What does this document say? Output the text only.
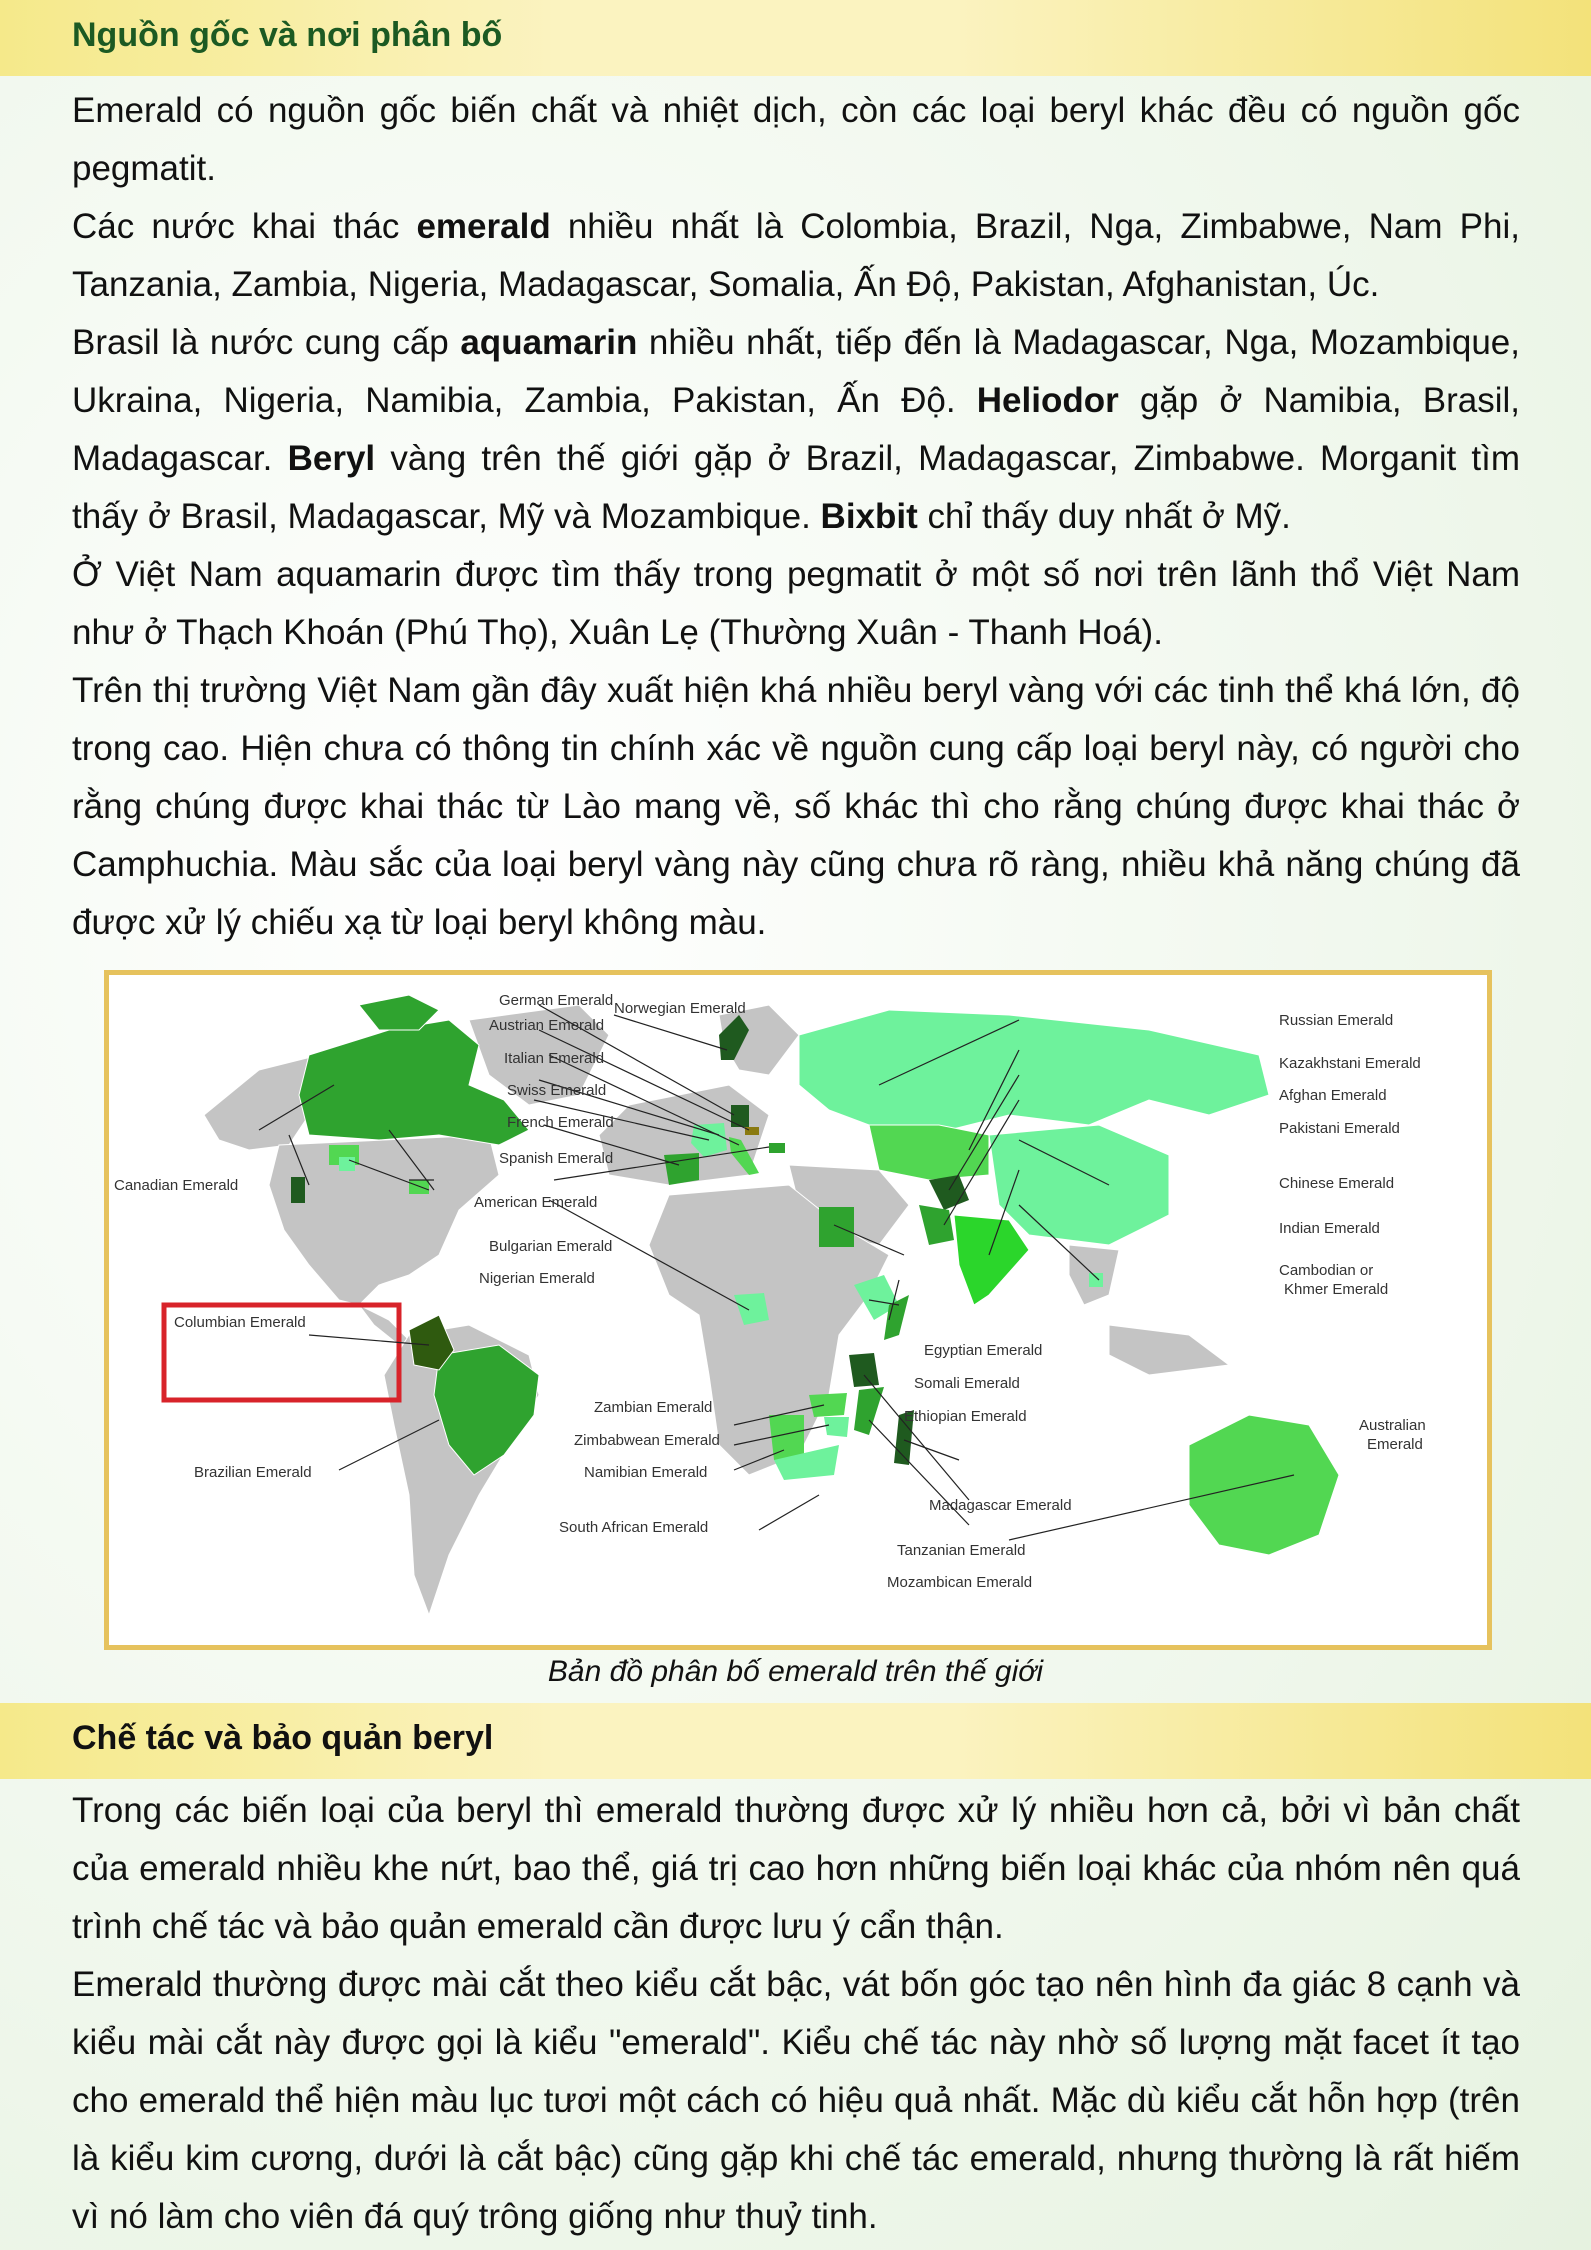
Nguồn gốc và nơi phân bố

Emerald có nguồn gốc biến chất và nhiệt dịch, còn các loại beryl khác đều có nguồn gốc pegmatit.

Các nước khai thác emerald nhiều nhất là Colombia, Brazil, Nga, Zimbabwe, Nam Phi, Tanzania, Zambia, Nigeria, Madagascar, Somalia, Ấn Độ, Pakistan, Afghanistan, Úc.

Brasil là nước cung cấp aquamarin nhiều nhất, tiếp đến là Madagascar, Nga, Mozambique, Ukraina, Nigeria, Namibia, Zambia, Pakistan, Ấn Độ. Heliodor gặp ở Namibia, Brasil, Madagascar. Beryl vàng trên thế giới gặp ở Brazil, Madagascar, Zimbabwe. Morganit tìm thấy ở Brasil, Madagascar, Mỹ và Mozambique. Bixbit chỉ thấy duy nhất ở Mỹ.

Ở Việt Nam aquamarin được tìm thấy trong pegmatit ở một số nơi trên lãnh thổ Việt Nam như ở Thạch Khoán (Phú Thọ), Xuân Lẹ (Thường Xuân - Thanh Hoá).

Trên thị trường Việt Nam gần đây xuất hiện khá nhiều beryl vàng với các tinh thể khá lớn, độ trong cao. Hiện chưa có thông tin chính xác về nguồn cung cấp loại beryl này, có người cho rằng chúng được khai thác từ Lào mang về, số khác thì cho rằng chúng được khai thác ở Camphuchia. Màu sắc của loại beryl vàng này cũng chưa rõ ràng, nhiều khả năng chúng đã được xử lý chiếu xạ từ loại beryl không màu.

German Emerald Norwegian Emerald
Austrian Emerald
Italian Emerald
Swiss Emerald
French Emerald
Spanish Emerald
American Emerald
Canadian Emerald
Bulgarian Emerald
Nigerian Emerald
Columbian Emerald
Brazilian Emerald
Zambian Emerald
Zimbabwean Emerald
Namibian Emerald
South African Emerald
Russian Emerald
Kazakhstani Emerald
Afghan Emerald
Pakistani Emerald
Chinese Emerald
Indian Emerald
Cambodian or
Khmer Emerald
Egyptian Emerald
Somali Emerald
Ethiopian Emerald
Australian
Emerald
Madagascar Emerald
Tanzanian Emerald
Mozambican Emerald
Bản đồ phân bố emerald trên thế giới
Chế tác và bảo quản beryl

Trong các biến loại của beryl thì emerald thường được xử lý nhiều hơn cả, bởi vì bản chất của emerald nhiều khe nứt, bao thể, giá trị cao hơn những biến loại khác của nhóm nên quá trình chế tác và bảo quản emerald cần được lưu ý cẩn thận.

Emerald thường được mài cắt theo kiểu cắt bậc, vát bốn góc tạo nên hình đa giác 8 cạnh và kiểu mài cắt này được gọi là kiểu "emerald". Kiểu chế tác này nhờ số lượng mặt facet ít tạo cho emerald thể hiện màu lục tươi một cách có hiệu quả nhất. Mặc dù kiểu cắt hỗn hợp (trên là kiểu kim cương, dưới là cắt bậc) cũng gặp khi chế tác emerald, nhưng thường là rất hiếm vì nó làm cho viên đá quý trông giống như thuỷ tinh.
